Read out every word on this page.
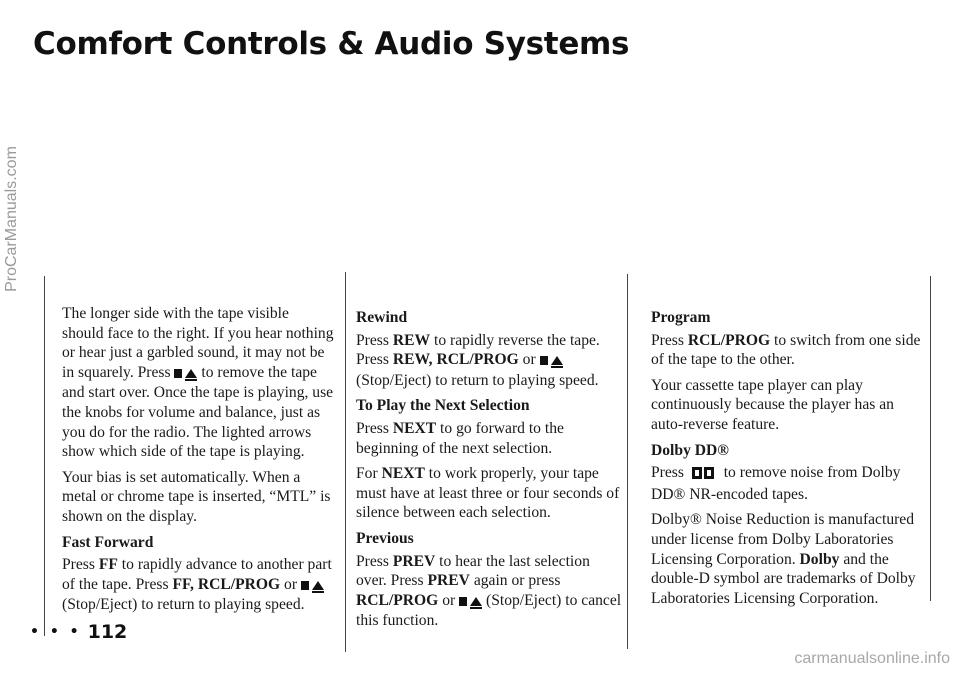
Comfort Controls & Audio Systems
ProCarManuals.com

The longer side with the tape visible should face to the right. If you hear nothing or hear just a garbled sound, it may not be in squarely. Press  to remove the tape and start over. Once the tape is playing, use the knobs for volume and balance, just as you do for the radio. The lighted arrows show which side of the tape is playing.

Your bias is set automatically. When a metal or chrome tape is inserted, “MTL” is shown on the display.

Fast Forward

Press FF to rapidly advance to another part of the tape. Press FF, RCL/PROG or  (Stop/Eject) to return to playing speed.

Rewind

Press REW to rapidly reverse the tape. Press REW, RCL/PROG or  (Stop/Eject) to return to playing speed.

To Play the Next Selection

Press NEXT to go forward to the beginning of the next selection.

For NEXT to work properly, your tape must have at least three or four seconds of silence between each selection.

Previous

Press PREV to hear the last selection over. Press PREV again or press RCL/PROG or  (Stop/Eject) to cancel this function.

Program

Press RCL/PROG to switch from one side of the tape to the other.

Your cassette tape player can play continuously because the player has an auto-reverse feature.

Dolby DD®

Press  to remove noise from Dolby DD® NR-encoded tapes.

Dolby® Noise Reduction is manufactured under license from Dolby Laboratories Licensing Corporation. Dolby and the double-D symbol are trademarks of Dolby Laboratories Licensing Corporation.

• • • 112
carmanualsonline.info
